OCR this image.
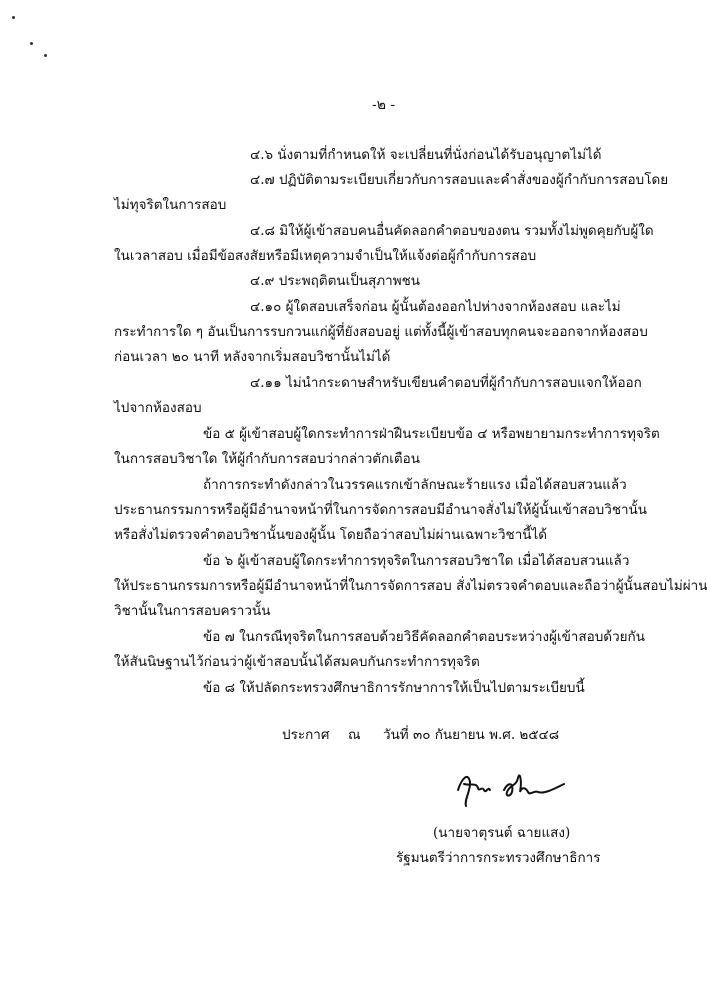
-๒ -
๔.๖ นั่งตามที่กำหนดให้ จะเปลี่ยนที่นั่งก่อนได้รับอนุญาตไม่ได้
๔.๗ ปฏิบัติตามระเบียบเกี่ยวกับการสอบและคำสั่งของผู้กำกับการสอบโดย
ไม่ทุจริตในการสอบ
๔.๘ มิให้ผู้เข้าสอบคนอื่นคัดลอกคำตอบของตน รวมทั้งไม่พูดคุยกับผู้ใด
ในเวลาสอบ เมื่อมีข้อสงสัยหรือมีเหตุความจำเป็นให้แจ้งต่อผู้กำกับการสอบ
๔.๙ ประพฤติตนเป็นสุภาพชน
๔.๑๐ ผู้ใดสอบเสร็จก่อน ผู้นั้นต้องออกไปห่างจากห้องสอบ และไม่
กระทำการใด ๆ อันเป็นการรบกวนแก่ผู้ที่ยังสอบอยู่ แต่ทั้งนี้ผู้เข้าสอบทุกคนจะออกจากห้องสอบ
ก่อนเวลา ๒๐ นาที หลังจากเริ่มสอบวิชานั้นไม่ได้
๔.๑๑ ไม่นำกระดาษสำหรับเขียนคำตอบที่ผู้กำกับการสอบแจกให้ออก
ไปจากห้องสอบ
ข้อ ๕ ผู้เข้าสอบผู้ใดกระทำการฝ่าฝืนระเบียบข้อ ๔ หรือพยายามกระทำการทุจริต
ในการสอบวิชาใด ให้ผู้กำกับการสอบว่ากล่าวตักเตือน
ถ้าการกระทำดังกล่าวในวรรคแรกเข้าลักษณะร้ายแรง เมื่อได้สอบสวนแล้ว
ประธานกรรมการหรือผู้มีอำนาจหน้าที่ในการจัดการสอบมีอำนาจสั่งไม่ให้ผู้นั้นเข้าสอบวิชานั้น
หรือสั่งไม่ตรวจคำตอบวิชานั้นของผู้นั้น โดยถือว่าสอบไม่ผ่านเฉพาะวิชานี้ได้
ข้อ ๖ ผู้เข้าสอบผู้ใดกระทำการทุจริตในการสอบวิชาใด เมื่อได้สอบสวนแล้ว
ให้ประธานกรรมการหรือผู้มีอำนาจหน้าที่ในการจัดการสอบ สั่งไม่ตรวจคำตอบและถือว่าผู้นั้นสอบไม่ผ่าน
วิชานั้นในการสอบคราวนั้น
ข้อ ๗ ในกรณีทุจริตในการสอบด้วยวิธีคัดลอกคำตอบระหว่างผู้เข้าสอบด้วยกัน
ให้สันนิษฐานไว้ก่อนว่าผู้เข้าสอบนั้นได้สมคบกันกระทำการทุจริต
ข้อ ๘ ให้ปลัดกระทรวงศึกษาธิการรักษาการให้เป็นไปตามระเบียบนี้
ประกาศ ณ วันที่ ๓๐ กันยายน พ.ศ. ๒๕๔๘
(นายจาตุรนต์ ฉายแสง)
รัฐมนตรีว่าการกระทรวงศึกษาธิการ
